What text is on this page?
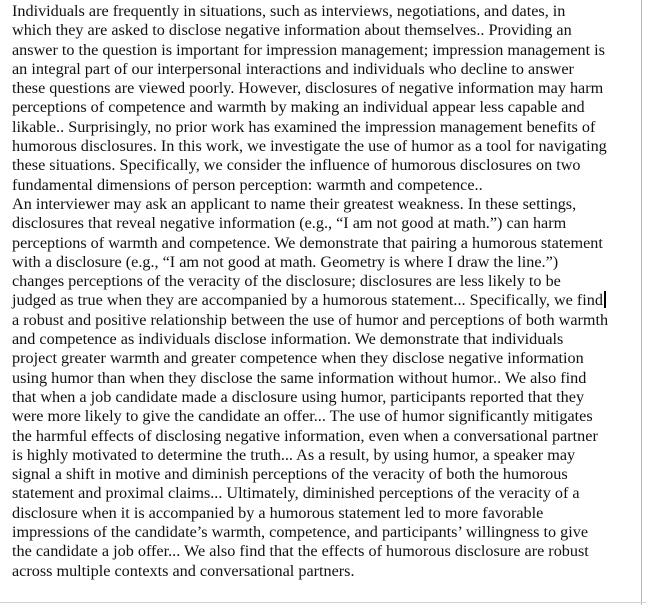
Individuals are frequently in situations, such as interviews, negotiations, and dates, in
which they are asked to disclose negative information about themselves.. Providing an
answer to the question is important for impression management; impression management is
an integral part of our interpersonal interactions and individuals who decline to answer
these questions are viewed poorly. However, disclosures of negative information may harm
perceptions of competence and warmth by making an individual appear less capable and
likable.. Surprisingly, no prior work has examined the impression management benefits of
humorous disclosures. In this work, we investigate the use of humor as a tool for navigating
these situations. Specifically, we consider the influence of humorous disclosures on two
fundamental dimensions of person perception: warmth and competence..

An interviewer may ask an applicant to name their greatest weakness. In these settings,
disclosures that reveal negative information (e.g., “I am not good at math.”) can harm
perceptions of warmth and competence. We demonstrate that pairing a humorous statement
with a disclosure (e.g., “I am not good at math. Geometry is where I draw the line.”)
changes perceptions of the veracity of the disclosure; disclosures are less likely to be
judged as true when they are accompanied by a humorous statement... Specifically, we find
a robust and positive relationship between the use of humor and perceptions of both warmth
and competence as individuals disclose information. We demonstrate that individuals
project greater warmth and greater competence when they disclose negative information
using humor than when they disclose the same information without humor.. We also find
that when a job candidate made a disclosure using humor, participants reported that they
were more likely to give the candidate an offer... The use of humor significantly mitigates
the harmful effects of disclosing negative information, even when a conversational partner
is highly motivated to determine the truth... As a result, by using humor, a speaker may
signal a shift in motive and diminish perceptions of the veracity of both the humorous
statement and proximal claims... Ultimately, diminished perceptions of the veracity of a
disclosure when it is accompanied by a humorous statement led to more favorable
impressions of the candidate’s warmth, competence, and participants’ willingness to give
the candidate a job offer... We also find that the effects of humorous disclosure are robust
across multiple contexts and conversational partners.
